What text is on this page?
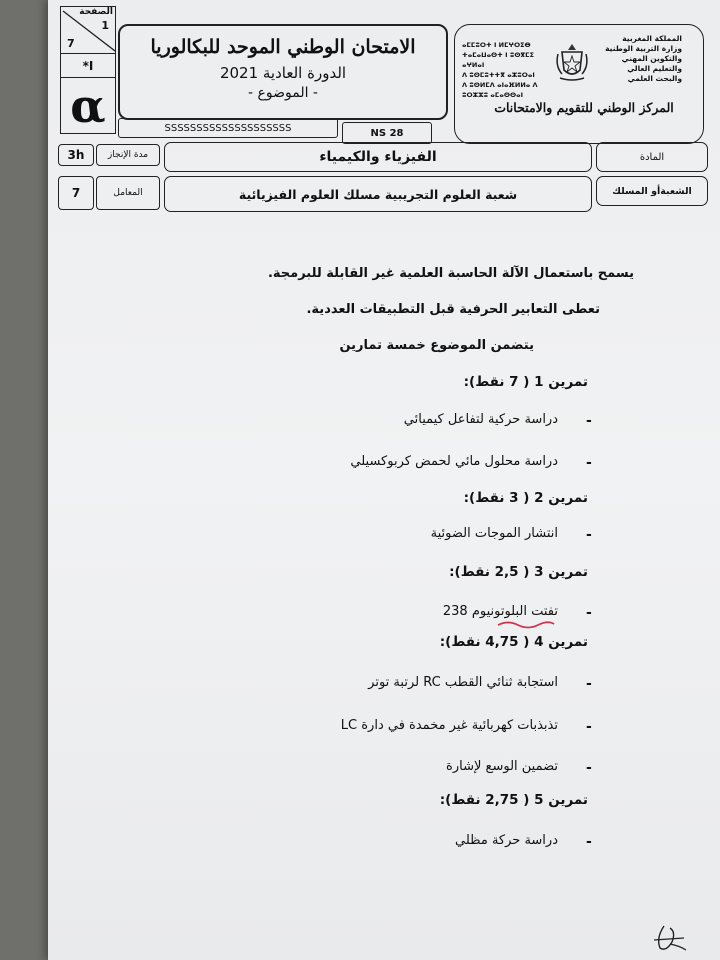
الصفحة
1
7
*I
α
الامتحان الوطني الموحد للبكالوريا
الدورة العادية 2021
- الموضوع -
SSSSSSSSSSSSSSSSSSSS	NS 28
المملكة المغربية
وزارة التربية الوطنية
والتكوين المهني
والتعليم العالي والبحث العلمي
ⴰⵎⵎⵓⵔⵜ ⵏ ⵍⵎⵖⵔⵉⴱ
ⵜⴰⵎⴰⵡⴰⵙⵜ ⵏ ⵓⵙⴳⵎⵉ ⴰⵖⵍⴰⵏ
ⴷ ⵓⵙⵎⵓⵜⵜⴳ ⴰⵣⵓⵔⴰⵏ
ⴷ ⵓⵙⵍⵎⴷ ⴰⵏⴰⴼⵍⵍⴰ ⴷ ⵓⵔⵣⵣⵓ ⴰⵎⴰⵙⵙⴰⵏ
المركز الوطني للتقويم والامتحانات
3h	مدة الإنجاز	الفيزياء والكيمياء	المادة
7	المعامل	شعبة العلوم التجريبية مسلك العلوم الفيزيائية	الشعبةأو المسلك
يسمح باستعمال الآلة الحاسبة العلمية غير القابلة للبرمجة.
تعطى التعابير الحرفية قبل التطبيقات العددية.
يتضمن الموضوع خمسة تمارين
تمرين 1 ( 7 نقط):
-
دراسة حركية لتفاعل كيميائي
-
دراسة محلول مائي لحمض كربوكسيلي
تمرين 2 ( 3 نقط):
-
انتشار الموجات الضوئية
تمرين 3 ( 2,5 نقط):
-
تفتت البلوتونيوم 238
تمرين 4 ( 4,75 نقط):
-
استجابة ثنائي القطب RC لرتبة توتر
-
تذبذبات كهربائية غير مخمدة في دارة LC
-
تضمين الوسع لإشارة
تمرين 5 ( 2,75 نقط):
-
دراسة حركة مظلي
